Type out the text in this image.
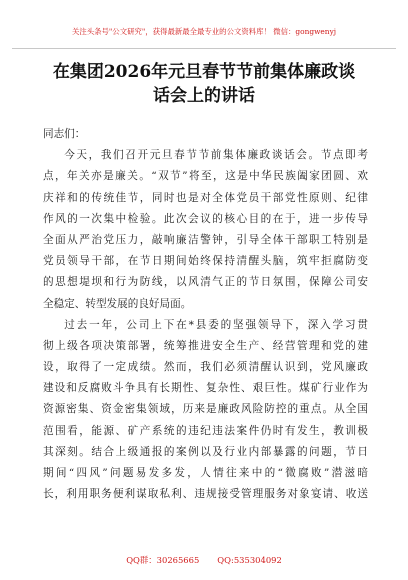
关注头条号"公文研究"，获得最新最全最专业的公文资料库！ 微信：gongwenyj
在集团2026年元旦春节节前集体廉政谈
话会上的讲话

同志们：

今天，我们召开元旦春节节前集体廉政谈话会。节点即考
点，年关亦是廉关。“双节”将至，这是中华民族阖家团圆、欢
庆祥和的传统佳节，同时也是对全体党员干部党性原则、纪律
作风的一次集中检验。此次会议的核心目的在于，进一步传导
全面从严治党压力，敲响廉洁警钟，引导全体干部职工特别是
党员领导干部，在节日期间始终保持清醒头脑，筑牢拒腐防变
的思想堤坝和行为防线，以风清气正的节日氛围，保障公司安
全稳定、转型发展的良好局面。

过去一年，公司上下在*县委的坚强领导下，深入学习贯
彻上级各项决策部署，统筹推进安全生产、经营管理和党的建
设，取得了一定成绩。然而，我们必须清醒认识到，党风廉政
建设和反腐败斗争具有长期性、复杂性、艰巨性。煤矿行业作为
资源密集、资金密集领域，历来是廉政风险防控的重点。从全国
范围看，能源、矿产系统的违纪违法案件仍时有发生，教训极
其深刻。结合上级通报的案例以及行业内部暴露的问题，节日
期间“四风”问题易发多发，人情往来中的“微腐败”潜滋暗
长，利用职务便利谋取私利、违规接受管理服务对象宴请、收送

QQ群：30265665 QQ:535304092
